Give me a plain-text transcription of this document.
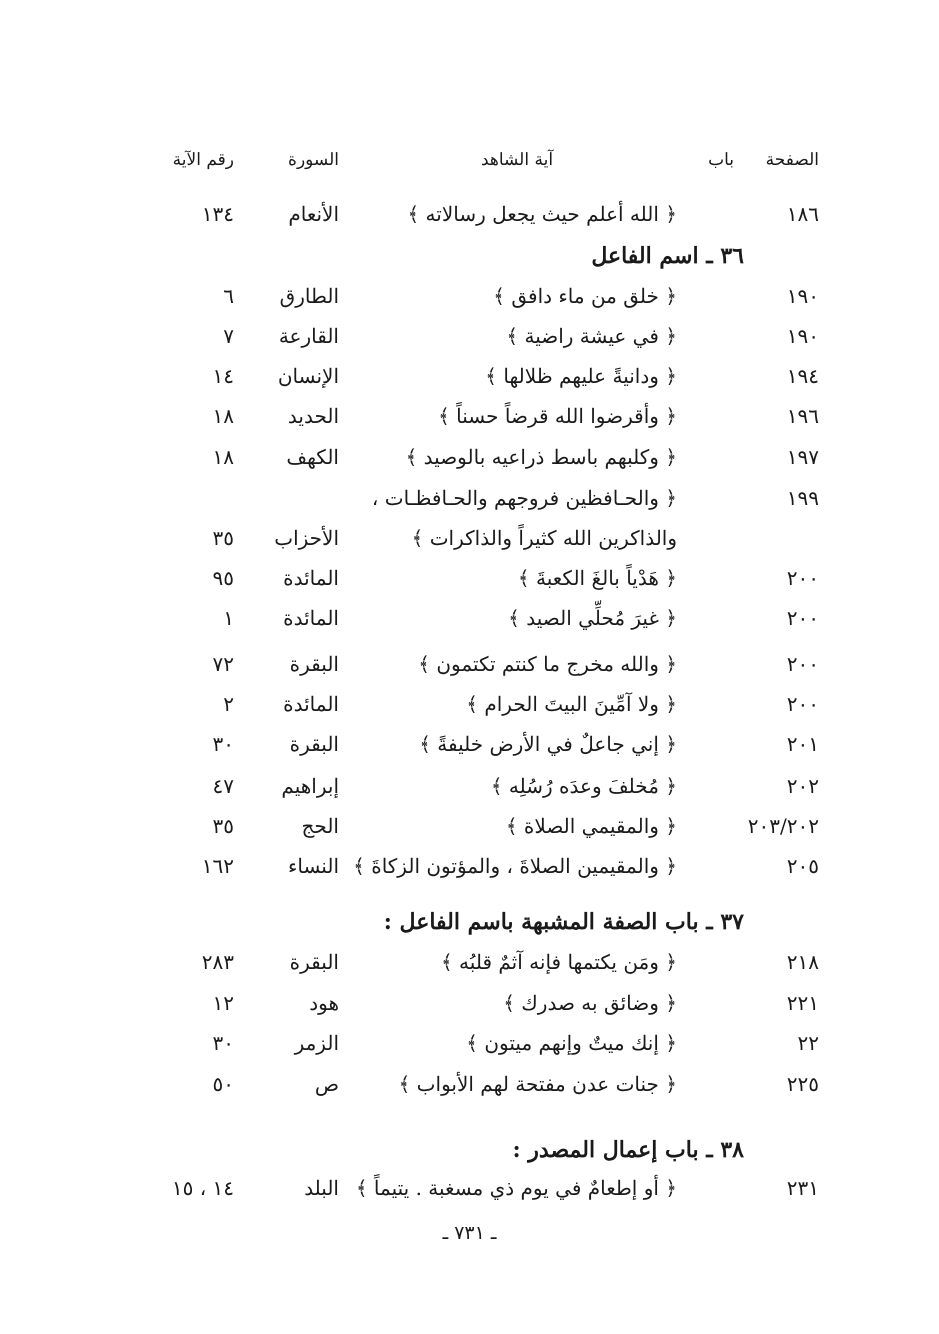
الصفحة
باب
آية الشاهد
السورة
رقم الآية
١٨٦
﴿ الله أعلم حيث يجعل رسالاته ﴾
الأنعام
١٣٤
٣٦ ـ اسم الفاعل
١٩٠
﴿ خلق من ماء دافق ﴾
الطارق
٦
١٩٠
﴿ في عيشة راضية ﴾
القارعة
٧
١٩٤
﴿ ودانيةً عليهم ظلالها ﴾
الإنسان
١٤
١٩٦
﴿ وأقرضوا الله قرضاً حسناً ﴾
الحديد
١٨
١٩٧
﴿ وكلبهم باسط ذراعيه بالوصيد ﴾
الكهف
١٨
١٩٩
﴿ والحـافظين فروجهم والحـافظـات ،
والذاكرين الله كثيراً والذاكرات ﴾
الأحزاب
٣٥
٢٠٠
﴿ هَدْياً بالغَ الكعبةَ ﴾
المائدة
٩٥
٢٠٠
﴿ غيرَ مُحلِّي الصيد ﴾
المائدة
١
٢٠٠
﴿ والله مخرج ما كنتم تكتمون ﴾
البقرة
٧٢
٢٠٠
﴿ ولا آمِّينَ البيتَ الحرام ﴾
المائدة
٢
٢٠١
﴿ إني جاعلٌ في الأرض خليفةً ﴾
البقرة
٣٠
٢٠٢
﴿ مُخلفَ وعدَه رُسُلِه ﴾
إبراهيم
٤٧
٢٠٣/٢٠٢
﴿ والمقيمي الصلاة ﴾
الحج
٣٥
٢٠٥
﴿ والمقيمين الصلاةَ ، والمؤتون الزكاةَ ﴾
النساء
١٦٢
٣٧ ـ باب الصفة المشبهة باسم الفاعل :
٢١٨
﴿ ومَن يكتمها فإنه آثمٌ قلبُه ﴾
البقرة
٢٨٣
٢٢١
﴿ وضائق به صدرك ﴾
هود
١٢
٢٢
﴿ إنك ميتٌ وإنهم ميتون ﴾
الزمر
٣٠
٢٢٥
﴿ جنات عدن مفتحة لهم الأبواب ﴾
ص
٥٠
٣٨ ـ باب إعمال المصدر :
٢٣١
﴿ أو إطعامٌ في يوم ذي مسغبة . يتيماً ﴾
البلد
١٤ ، ١٥
ـ ٧٣١ ـ
